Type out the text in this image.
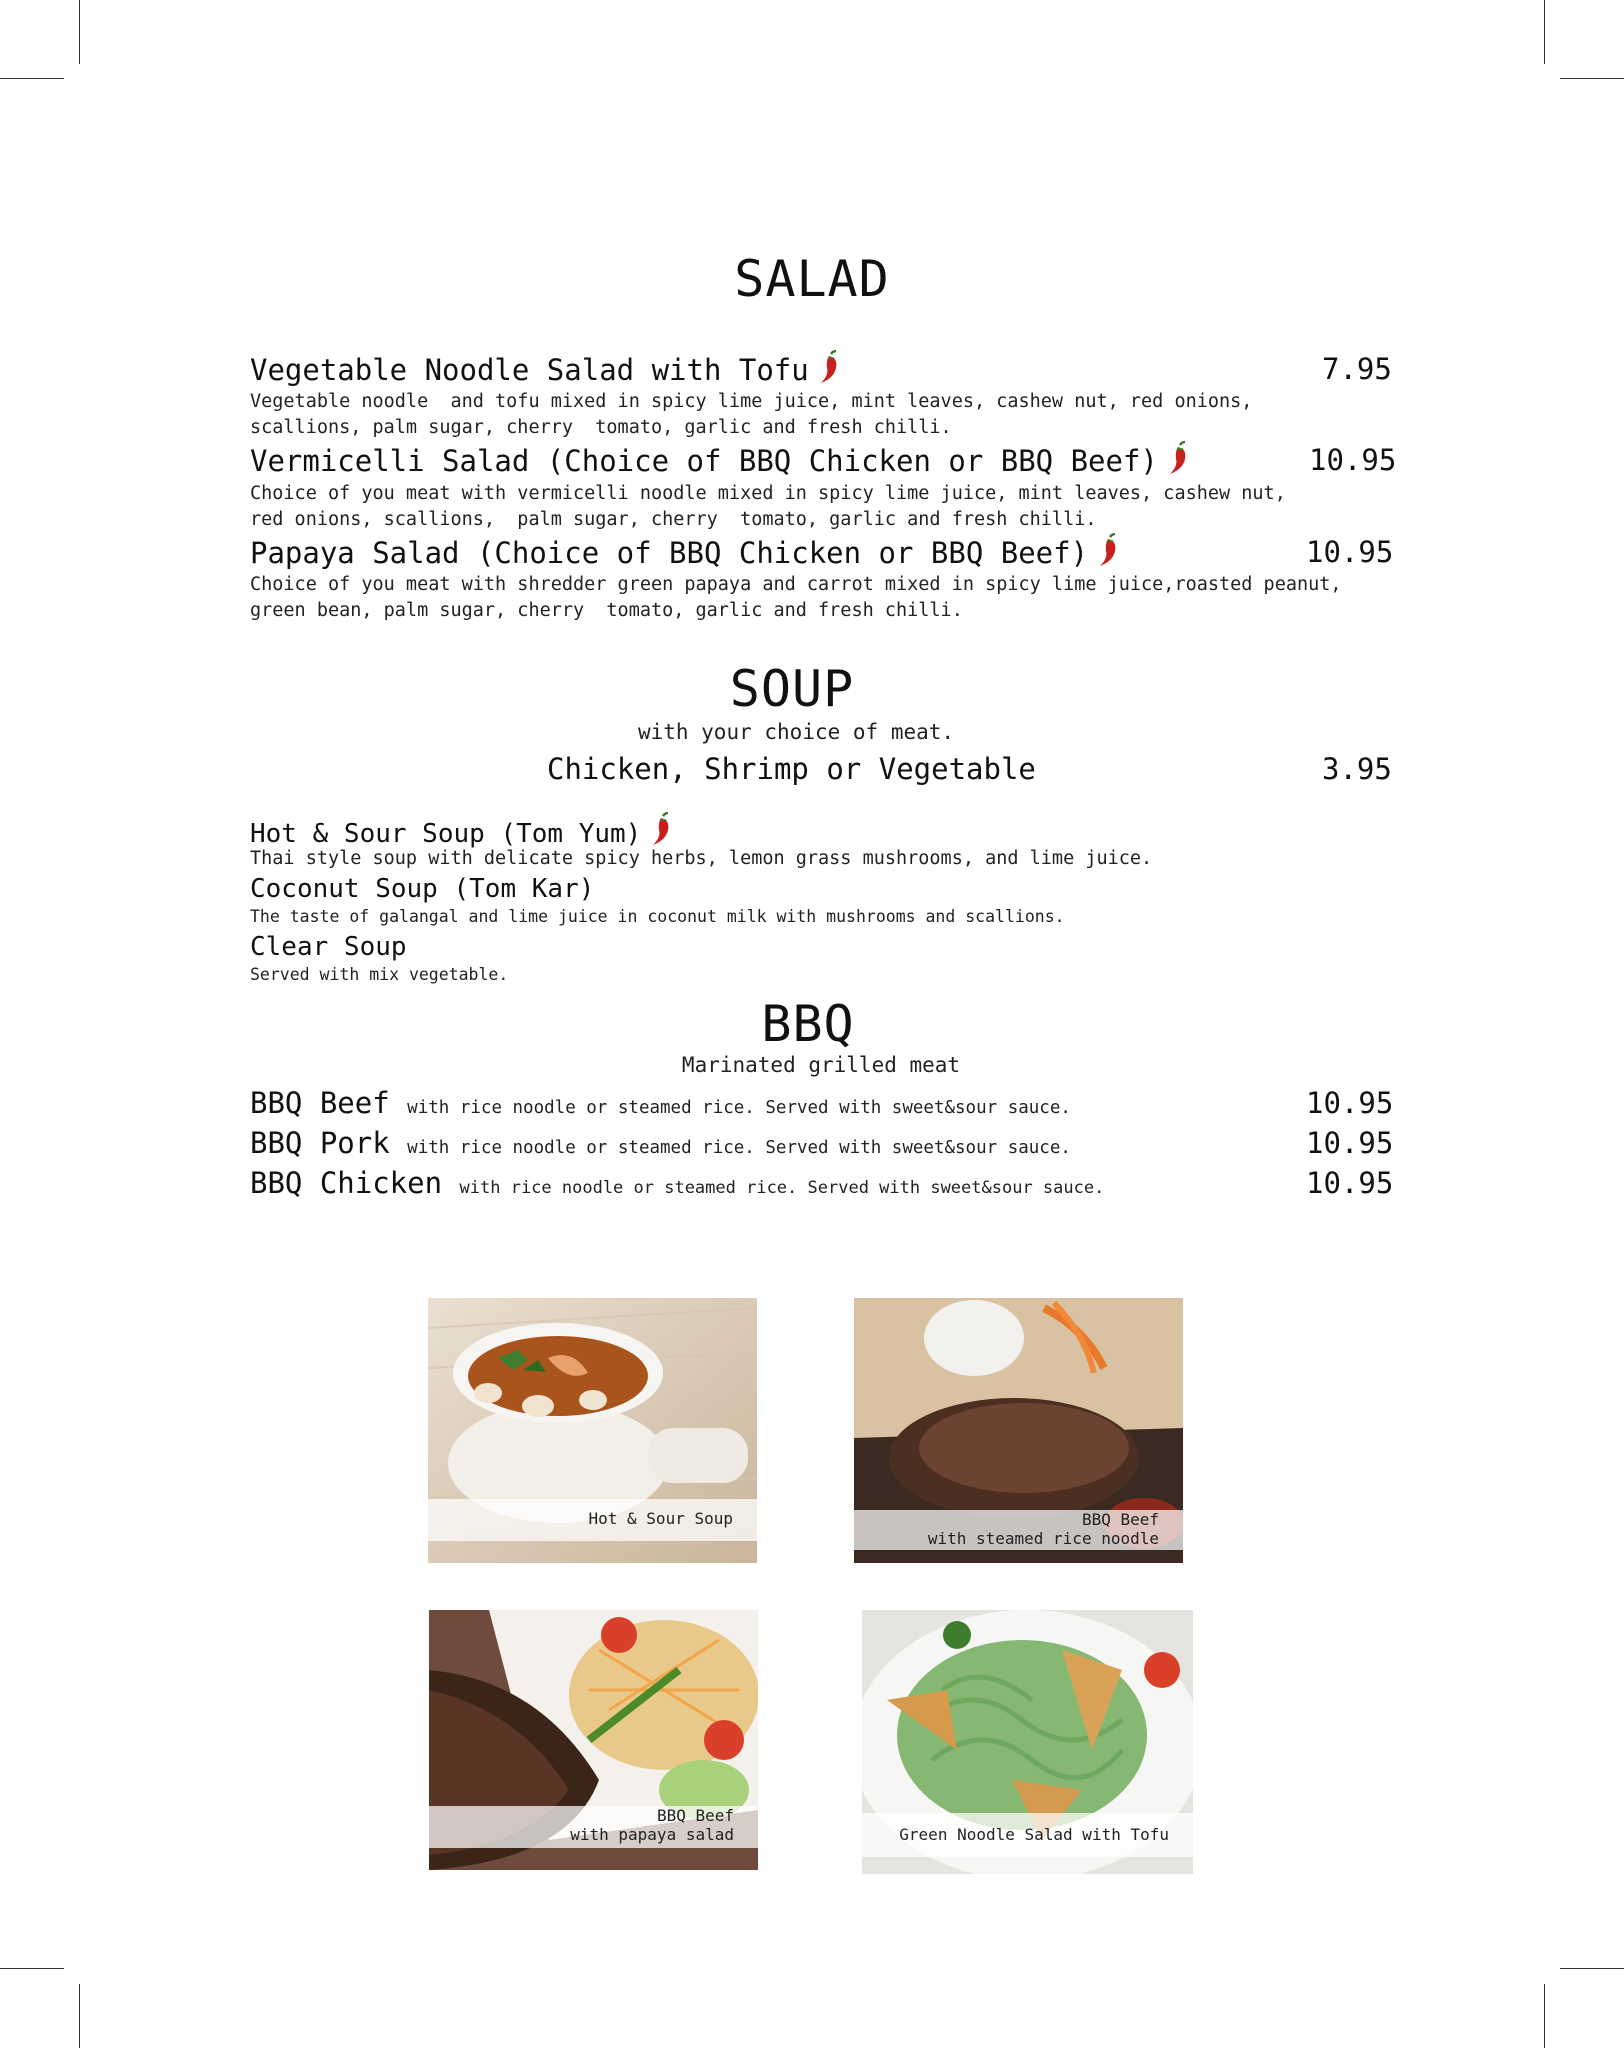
SALAD
Vegetable Noodle Salad with Tofu	7.95
Vegetable noodle  and tofu mixed in spicy lime juice, mint leaves, cashew nut, red onions,
scallions, palm sugar, cherry  tomato, garlic and fresh chilli.
Vermicelli Salad (Choice of BBQ Chicken or BBQ Beef)	10.95
Choice of you meat with vermicelli noodle mixed in spicy lime juice, mint leaves, cashew nut,
red onions, scallions,  palm sugar, cherry  tomato, garlic and fresh chilli.
Papaya Salad (Choice of BBQ Chicken or BBQ Beef)	10.95
Choice of you meat with shredder green papaya and carrot mixed in spicy lime juice,roasted peanut,
green bean, palm sugar, cherry  tomato, garlic and fresh chilli.
SOUP
with your choice of meat.
Chicken, Shrimp or Vegetable	3.95
Hot & Sour Soup (Tom Yum)
Thai style soup with delicate spicy herbs, lemon grass mushrooms, and lime juice.
Coconut Soup (Tom Kar)
The taste of galangal and lime juice in coconut milk with mushrooms and scallions.
Clear Soup
Served with mix vegetable.
BBQ
Marinated grilled meat
BBQ Beef with rice noodle or steamed rice. Served with sweet&sour sauce.	10.95
BBQ Pork with rice noodle or steamed rice. Served with sweet&sour sauce.	10.95
BBQ Chicken with rice noodle or steamed rice. Served with sweet&sour sauce.	10.95
Hot & Sour Soup	BBQ Beef
with steamed rice noodle
BBQ Beef
with papaya salad	Green Noodle Salad with Tofu
